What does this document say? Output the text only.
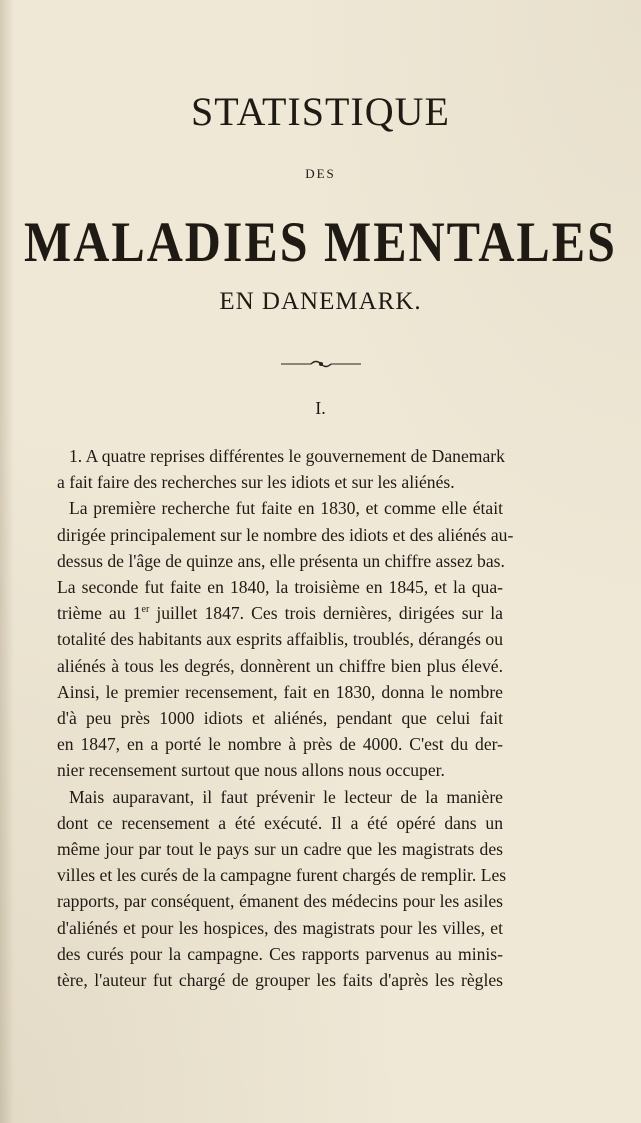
STATISTIQUE
DES
MALADIES MENTALES
EN DANEMARK.
I.
1. A quatre reprises différentes le gouvernement de Danemark
a fait faire des recherches sur les idiots et sur les aliénés.
La première recherche fut faite en 1830, et comme elle était
dirigée principalement sur le nombre des idiots et des aliénés au-
dessus de l'âge de quinze ans, elle présenta un chiffre assez bas.
La seconde fut faite en 1840, la troisième en 1845, et la qua-
trième au 1er juillet 1847. Ces trois dernières, dirigées sur la
totalité des habitants aux esprits affaiblis, troublés, dérangés ou
aliénés à tous les degrés, donnèrent un chiffre bien plus élevé.
Ainsi, le premier recensement, fait en 1830, donna le nombre
d'à peu près 1000 idiots et aliénés, pendant que celui fait
en 1847, en a porté le nombre à près de 4000. C'est du der-
nier recensement surtout que nous allons nous occuper.
Mais auparavant, il faut prévenir le lecteur de la manière
dont ce recensement a été exécuté. Il a été opéré dans un
même jour par tout le pays sur un cadre que les magistrats des
villes et les curés de la campagne furent chargés de remplir. Les
rapports, par conséquent, émanent des médecins pour les asiles
d'aliénés et pour les hospices, des magistrats pour les villes, et
des curés pour la campagne. Ces rapports parvenus au minis-
tère, l'auteur fut chargé de grouper les faits d'après les règles
